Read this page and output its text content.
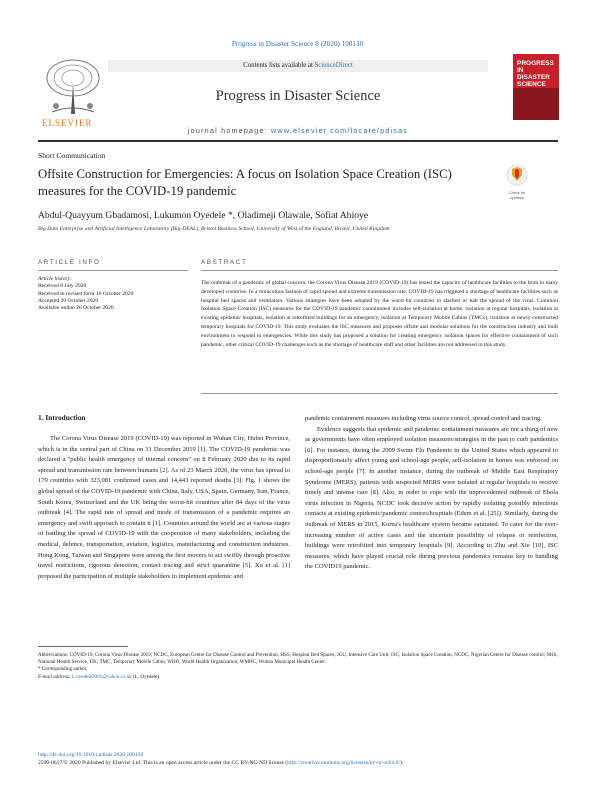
Progress in Disaster Science 8 (2020) 100130
ELSEVIER
Contents lists available at ScienceDirect
Progress in Disaster Science
journal homepage: www.elsevier.com/locate/pdisas
PROGRESS
IN
DISASTER
SCIENCE
Short Communication
Offsite Construction for Emergencies: A focus on Isolation Space Creation (ISC) measures for the COVID-19 pandemic	Check for updates
Abdul-Quayyum Gbadamosi, Lukumon Oyedele *, Oladimeji Olawale, Sofiat Abioye
Big Data Enterprise and Artificial Intelligence Laboratory (Big-DEAL), Bristol Business School, University of West of the England, Bristol, United Kingdom
ARTICLE INFO	ABSTRACT
Article history:
Received 8 July 2020
Received in revised form 16 October 2020
Accepted 20 October 2020
Available online 26 October 2020
The outbreak of a pandemic of global concern, the Corona Virus Disease 2019 (COVID-19) has tested the capacity of healthcare facilities to the brim in many developed countries. In a miraculous fashion of rapid spread and extreme transmission rate, COVID-19 has triggered a shortage of healthcare facilities such as hospital bed spaces and ventilators. Various strategies have been adopted by the worst-hit countries to slacken or halt the spread of the virus. Common Isolation Space Creation (ISC) measures for the COVID-19 pandemic containment includes self-isolation at home, isolation at regular hospitals, isolation at existing epidemic hospitals, isolation at retrofitted buildings for an emergency, isolation at Temporary Mobile Cabins (TMCs), isolation at newly constructed temporary hospitals for COVID-19. This study evaluates the ISC measures and proposes offsite and modular solutions for the construction industry and built environment to respond to emergencies. While this study has proposed a solution for creating emergency isolation spaces for effective containment of such pandemic, other critical COVID-19 challenges such as the shortage of healthcare staff and other facilities are not addressed in this study.
1. Introduction

The Corona Virus Disease 2019 (COVID-19) was reported in Wuhan City, Hubei Province, which is in the central part of China on 31 December 2019 [1]. The COVID-19 pandemic was declared a "public health emergency of internal concern" on 8 February 2020 due to its rapid spread and transmission rate between humans [2]. As of 23 March 2020, the virus has spread to 179 countries with 323,081 confirmed cases and 14,443 reported deaths [3]. Fig. 1 shows the global spread of the COVID-19 pandemic with China, Italy, USA, Spain, Germany, Iran, France, South Korea, Switzerland and the UK being the worst-hit countries after 84 days of the virus outbreak [4]. The rapid rate of spread and mode of transmission of a pandemic requires an emergency and swift approach to contain it [1]. Countries around the world are at various stages of battling the spread of COVID-19 with the cooperation of many stakeholders, including the medical, defence, transportation, aviation, logistics, manufacturing and construction industries. Hong Kong, Taiwan and Singapore were among the first movers to act swiftly through proactive travel restrictions, rigorous detection, contact tracing and strict quarantine [5]. Xu et al. [1] proposed the participation of multiple stakeholders to implement epidemic and

pandemic containment measures including virus source control, spread control and tracing.

Evidence suggests that epidemic and pandemic containment measures are not a thing of new as governments have often employed isolation measures/strategies in the past to curb pandemics [6]. For instance, during the 2009 Swine Flu Pandemic in the United States which appeared to disproportionately affect young and school-age people, self-isolation in homes was enforced on school-age people [7]. In another instance, during the outbreak of Middle East Respiratory Syndrome (MERS), patients with suspected MERS were isolated at regular hospitals to receive timely and intense care [8]. Also, in order to cope with the unprecedented outbreak of Ebola virus infection in Nigeria, NCDC took decisive action by rapidly isolating possibly infectious contacts at existing epidemic/pandemic centres/hospitals (Edem et al. [25]). Similarly, during the outbreak of MERS in 2015, Korea's healthcare system became saturated. To cater for the ever-increasing number of active cases and the uncertain possibility of relapse or reinfection, buildings were retrofitted into temporary hospitals [9]. According to Zhu and Xie [10], ISC measures, which have played crucial role during previous pandemics remains key to handling the COVID19 pandemic.

Abbreviations: COVID-19, Corona Virus Disease 2019; NCDC, European Centre for Disease Control and Prevention; HSS, Hospital Bed Spaces; ICU, Intensive Care Unit; ISC, Isolation Space Creation; NCDC, Nigerian Centre for Disease control; NHS, National Health Service, UK; TMC, Temporary Mobile Cabin; WHO, World Health Organization; WMHC, Wuhan Municipal Health Center.
* Corresponding author.
E-mail address: L.oyedele2001@yahoo.co.uk (L. Oyedele).
http://dx.doi.org/10.1016/j.pdisas.2020.100130
2590-0617/© 2020 Published by Elsevier Ltd. This is an open access article under the CC BY-NC-ND license (http://creativecommons.org/licenses/by-nc-nd/4.0/).
